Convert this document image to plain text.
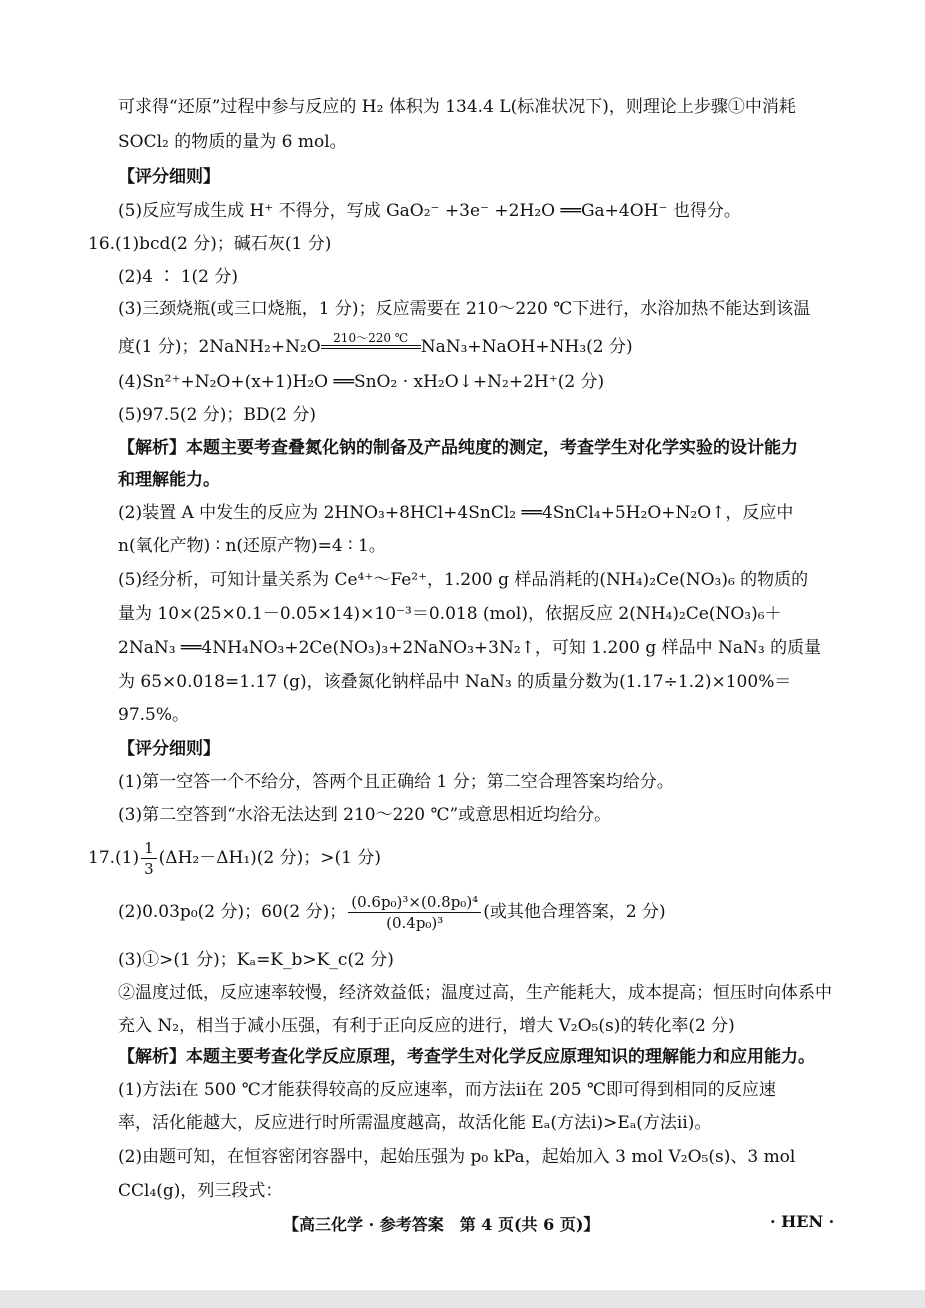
可求得“还原”过程中参与反应的 H₂ 体积为 134.4 L(标准状况下)，则理论上步骤①中消耗
SOCl₂ 的物质的量为 6 mol。
【评分细则】
(5)反应写成生成 H⁺ 不得分，写成 GaO₂⁻ +3e⁻ +2H₂O ══Ga+4OH⁻ 也得分。
16.(1)bcd(2 分)；碱石灰(1 分)
(2)4 ∶ 1(2 分)
(3)三颈烧瓶(或三口烧瓶，1 分)；反应需要在 210～220 ℃下进行，水浴加热不能达到该温
度(1 分)；2NaNH₂+N₂O	210～220 ℃ NaN₃+NaOH+NH₃(2 分)
(4)Sn²⁺+N₂O+(x+1)H₂O ══SnO₂ · xH₂O↓+N₂+2H⁺(2 分)
(5)97.5(2 分)；BD(2 分)
【解析】本题主要考查叠氮化钠的制备及产品纯度的测定，考查学生对化学实验的设计能力
和理解能力。
(2)装置 A 中发生的反应为 2HNO₃+8HCl+4SnCl₂ ══4SnCl₄+5H₂O+N₂O↑，反应中
n(氧化产物) ∶ n(还原产物)=4 ∶ 1。
(5)经分析，可知计量关系为 Ce⁴⁺～Fe²⁺，1.200 g 样品消耗的(NH₄)₂Ce(NO₃)₆ 的物质的
量为 10×(25×0.1－0.05×14)×10⁻³＝0.018 (mol)，依据反应 2(NH₄)₂Ce(NO₃)₆＋
2NaN₃ ══4NH₄NO₃+2Ce(NO₃)₃+2NaNO₃+3N₂↑，可知 1.200 g 样品中 NaN₃ 的质量
为 65×0.018=1.17 (g)，该叠氮化钠样品中 NaN₃ 的质量分数为(1.17÷1.2)×100%＝
97.5%。
【评分细则】
(1)第一空答一个不给分，答两个且正确给 1 分；第二空合理答案均给分。
(3)第二空答到“水浴无法达到 210～220 ℃”或意思相近均给分。
$17.(1) \frac{1}{3} (\Delta H_2-\Delta H_1)(2$ 分)；>(1 分)
(2)0.03p₀(2 分)；60(2 分)； $\frac{\text{(0.6p₀)³×(0.8p₀)⁴}}{\text{(0.4p₀)³}}$ (或其他合理答案，2 分)
(3)①>(1 分)；Kₐ=K_b>K_c(2 分)
②温度过低，反应速率较慢，经济效益低；温度过高，生产能耗大，成本提高；恒压时向体系中
充入 N₂，相当于减小压强，有利于正向反应的进行，增大 V₂O₅(s)的转化率(2 分)
【解析】本题主要考查化学反应原理，考查学生对化学反应原理知识的理解能力和应用能力。
(1)方法ⅰ在 500 ℃才能获得较高的反应速率，而方法ⅱ在 205 ℃即可得到相同的反应速
率，活化能越大，反应进行时所需温度越高，故活化能 Eₐ(方法ⅰ)>Eₐ(方法ⅱ)。
(2)由题可知，在恒容密闭容器中，起始压强为 p₀ kPa，起始加入 3 mol V₂O₅(s)、3 mol
CCl₄(g)，列三段式：
【高三化学 · 参考答案　第 4 页(共 6 页)】	· HEN ·
